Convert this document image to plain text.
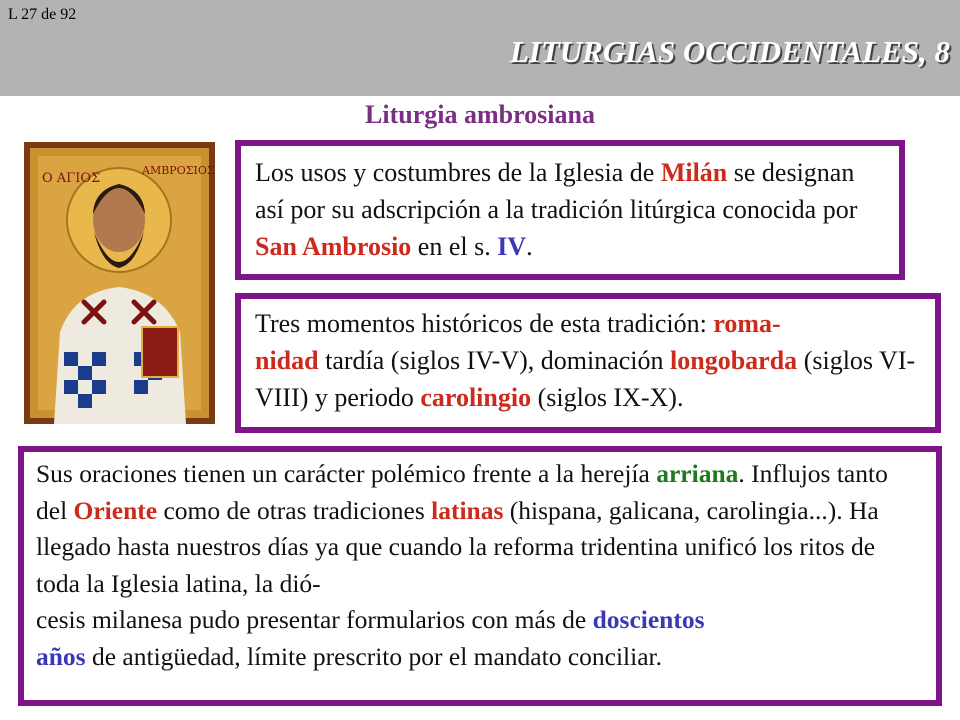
L 27 de 92
LITURGIAS OCCIDENTALES, 8
Liturgia ambrosiana
Ο ΑΓΙΟΣ
ΑΜΒΡΟΣΙΟΣ	Los usos y costumbres de la Iglesia de Milán se designan así por su adscripción a la tradición litúrgica conocida por San Ambrosio en el s. IV.
Tres momentos históricos de esta tradición: roma-
nidad tardía (siglos IV-V), dominación longobarda (siglos VI-VIII) y periodo carolingio (siglos IX-X).
Sus oraciones tienen un carácter polémico frente a la herejía arriana. Influjos tanto del Oriente como de otras tradiciones latinas (hispana, galicana, carolingia...). Ha llegado hasta nuestros días ya que cuando la reforma tridentina unificó los ritos de toda la Iglesia latina, la dió-
cesis milanesa pudo presentar formularios con más de doscientos
años de antigüedad, límite prescrito por el mandato conciliar.
